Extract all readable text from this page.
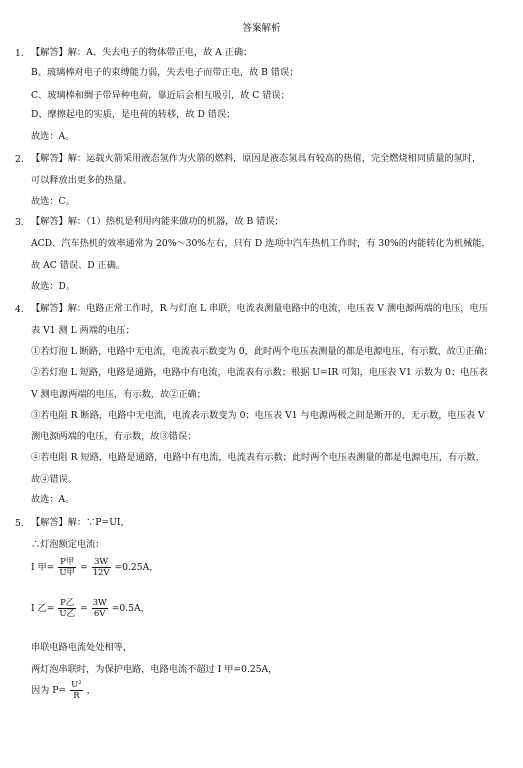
答案解析
1. 【解答】解：A、失去电子的物体带正电，故 A 正确；
B、玻璃棒对电子的束缚能力弱，失去电子而带正电，故 B 错误；
C、玻璃棒和绸子带异种电荷，靠近后会相互吸引，故 C 错误；
D、摩擦起电的实质，是电荷的转移，故 D 错误；
故选：A。
2. 【解答】解：运载火箭采用液态氢作为火箭的燃料，原因是液态氢具有较高的热值，完全燃烧相同质量的氢时，
可以释放出更多的热量。
故选：C。
3. 【解答】解：（1）热机是利用内能来做功的机器，故 B 错误；
ACD、汽车热机的效率通常为 20%～30%左右，只有 D 选项中汽车热机工作时，有 30%的内能转化为机械能，
故 AC 错误、D 正确。
故选：D。
4. 【解答】解：电路正常工作时，R 与灯泡 L 串联，电流表测量电路中的电流，电压表 V 测电源两端的电压，电压
表 V1 测 L 两端的电压；
①若灯泡 L 断路，电路中无电流，电流表示数变为 0，此时两个电压表测量的都是电源电压，有示数，故①正确；
②若灯泡 L 短路，电路是通路，电路中有电流，电流表有示数；根据 U=IR 可知，电压表 V1 示数为 0；电压表
V 测电源两端的电压，有示数，故②正确；
③若电阻 R 断路，电路中无电流，电流表示数变为 0；电压表 V1 与电源两极之间是断开的，无示数，电压表 V
测电源两端的电压，有示数，故③错误；
④若电阻 R 短路，电路是通路，电路中有电流，电流表有示数；此时两个电压表测量的都是电源电压，有示数，
故④错误。
故选：A。
5. 【解答】解：∵P=UI，
∴灯泡额定电流：
I 甲= $\frac{\text{P甲}}{\text{U甲}} = \frac{3W}{12V} =0.25A$，
I 乙= $\frac{\text{P乙}}{\text{U乙}} = \frac{3W}{6V} =0.5A$，
串联电路电流处处相等，
两灯泡串联时，为保护电路，电路电流不超过 I 甲=0.25A，
因为 $P= \frac{\text{U²}}{R}$ ，
